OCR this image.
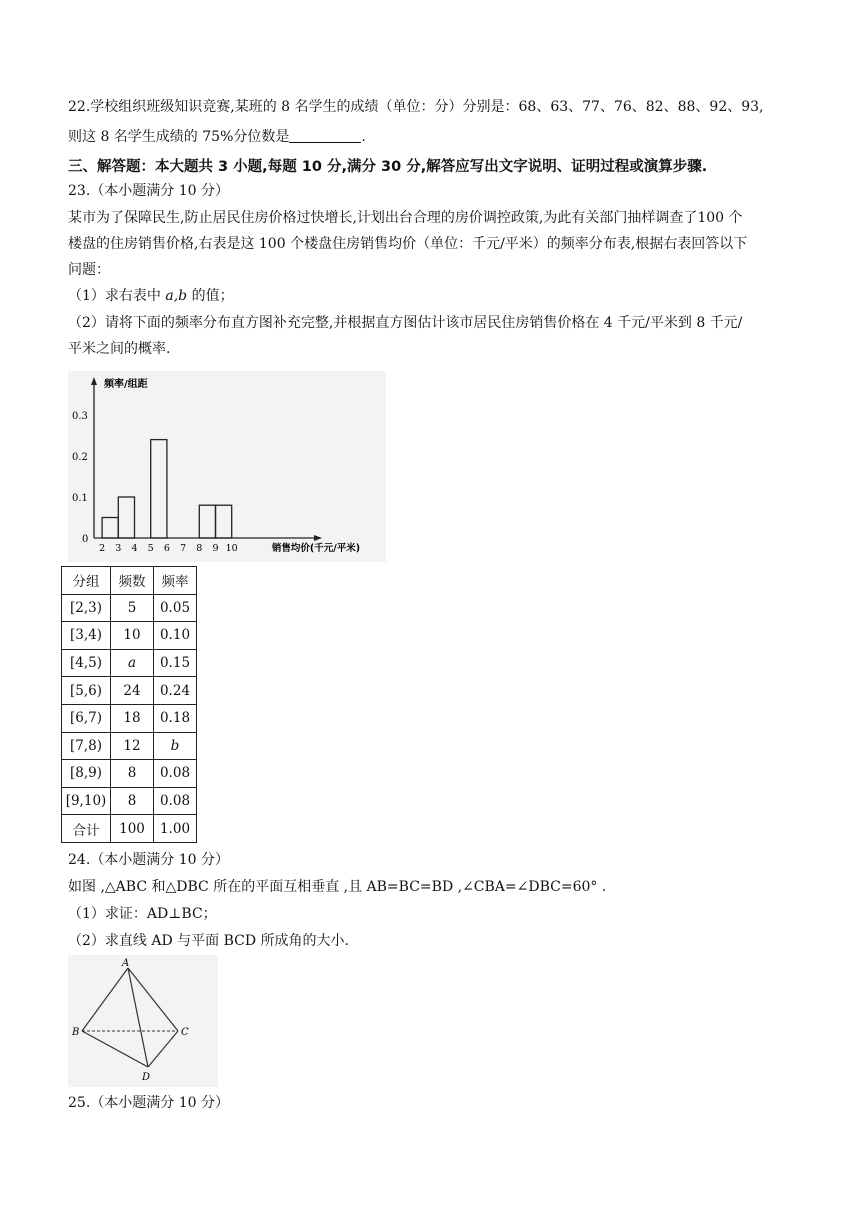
22.学校组织班级知识竞赛,某班的 8 名学生的成绩（单位：分）分别是：68、63、77、76、82、88、92、93,
则这 8 名学生成绩的 75%分位数是	.
三、解答题：本大题共 3 小题,每题 10 分,满分 30 分,解答应写出文字说明、证明过程或演算步骤.
23.（本小题满分 10 分）
某市为了保障民生,防止居民住房价格过快增长,计划出台合理的房价调控政策,为此有关部门抽样调查了100 个
楼盘的住房销售价格,右表是这 100 个楼盘住房销售均价（单位：千元/平米）的频率分布表,根据右表回答以下
问题：
（1）求右表中 a,b 的值；
（2）请将下面的频率分布直方图补充完整,并根据直方图估计该市居民住房销售价格在 4 千元/平米到 8 千元/
平米之间的概率.
频率/组距
0.3
0.2
0.1
0
2 3 4 5 6 7 8 9 10	销售均价(千元/平米)
分组	频数	频率
[2,3)	5	0.05
[3,4)	10	0.10
[4,5)	a	0.15
[5,6)	24	0.24
[6,7)	18	0.18
[7,8)	12	b
[8,9)	8	0.08
[9,10)	8	0.08
合计	100	1.00
24.（本小题满分 10 分）
如图 ,△ABC 和△DBC 所在的平面互相垂直 ,且 AB=BC=BD ,∠CBA=∠DBC=60° .
（1）求证：AD⊥BC；
（2）求直线 AD 与平面 BCD 所成角的大小.
A
B	C
D
25.（本小题满分 10 分）
